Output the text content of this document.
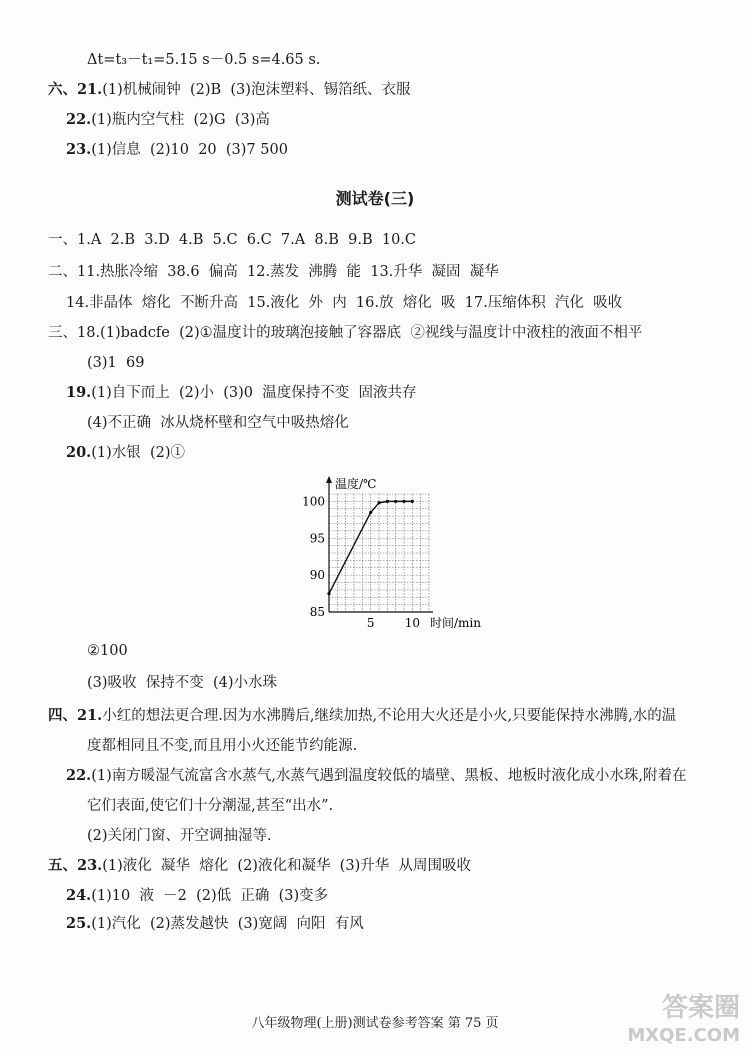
Δt=t₃－t₁=5.15 s－0.5 s=4.65 s.
六、21.(1)机械闹钟  (2)B  (3)泡沫塑料、锡箔纸、衣服
22.(1)瓶内空气柱  (2)G  (3)高
23.(1)信息  (2)10  20  (3)7 500
测试卷(三)
一、1.A  2.B  3.D  4.B  5.C  6.C  7.A  8.B  9.B  10.C
二、11.热胀冷缩  38.6  偏高  12.蒸发  沸腾  能  13.升华  凝固  凝华
14.非晶体  熔化  不断升高  15.液化  外  内  16.放  熔化  吸  17.压缩体积  汽化  吸收
三、18.(1)badcfe  (2)①温度计的玻璃泡接触了容器底  ②视线与温度计中液柱的液面不相平
(3)1  69
19.(1)自下而上  (2)小  (3)0  温度保持不变  固液共存
(4)不正确  冰从烧杯壁和空气中吸热熔化
20.(1)水银  (2)①
85
90
95
100
5	10
温度/℃
时间/min
②100
(3)吸收  保持不变  (4)小水珠
四、21.小红的想法更合理.因为水沸腾后,继续加热,不论用大火还是小火,只要能保持水沸腾,水的温
度都相同且不变,而且用小火还能节约能源.
22.(1)南方暖湿气流富含水蒸气,水蒸气遇到温度较低的墙壁、黑板、地板时液化成小水珠,附着在
它们表面,使它们十分潮湿,甚至“出水”.
(2)关闭门窗、开空调抽湿等.
五、23.(1)液化  凝华  熔化  (2)液化和凝华  (3)升华  从周围吸收
24.(1)10  液  －2  (2)低  正确  (3)变多
25.(1)汽化  (2)蒸发越快  (3)宽阔  向阳  有风
八年级物理(上册)测试卷参考答案 第 75 页
答案圈
MXQE.COM
